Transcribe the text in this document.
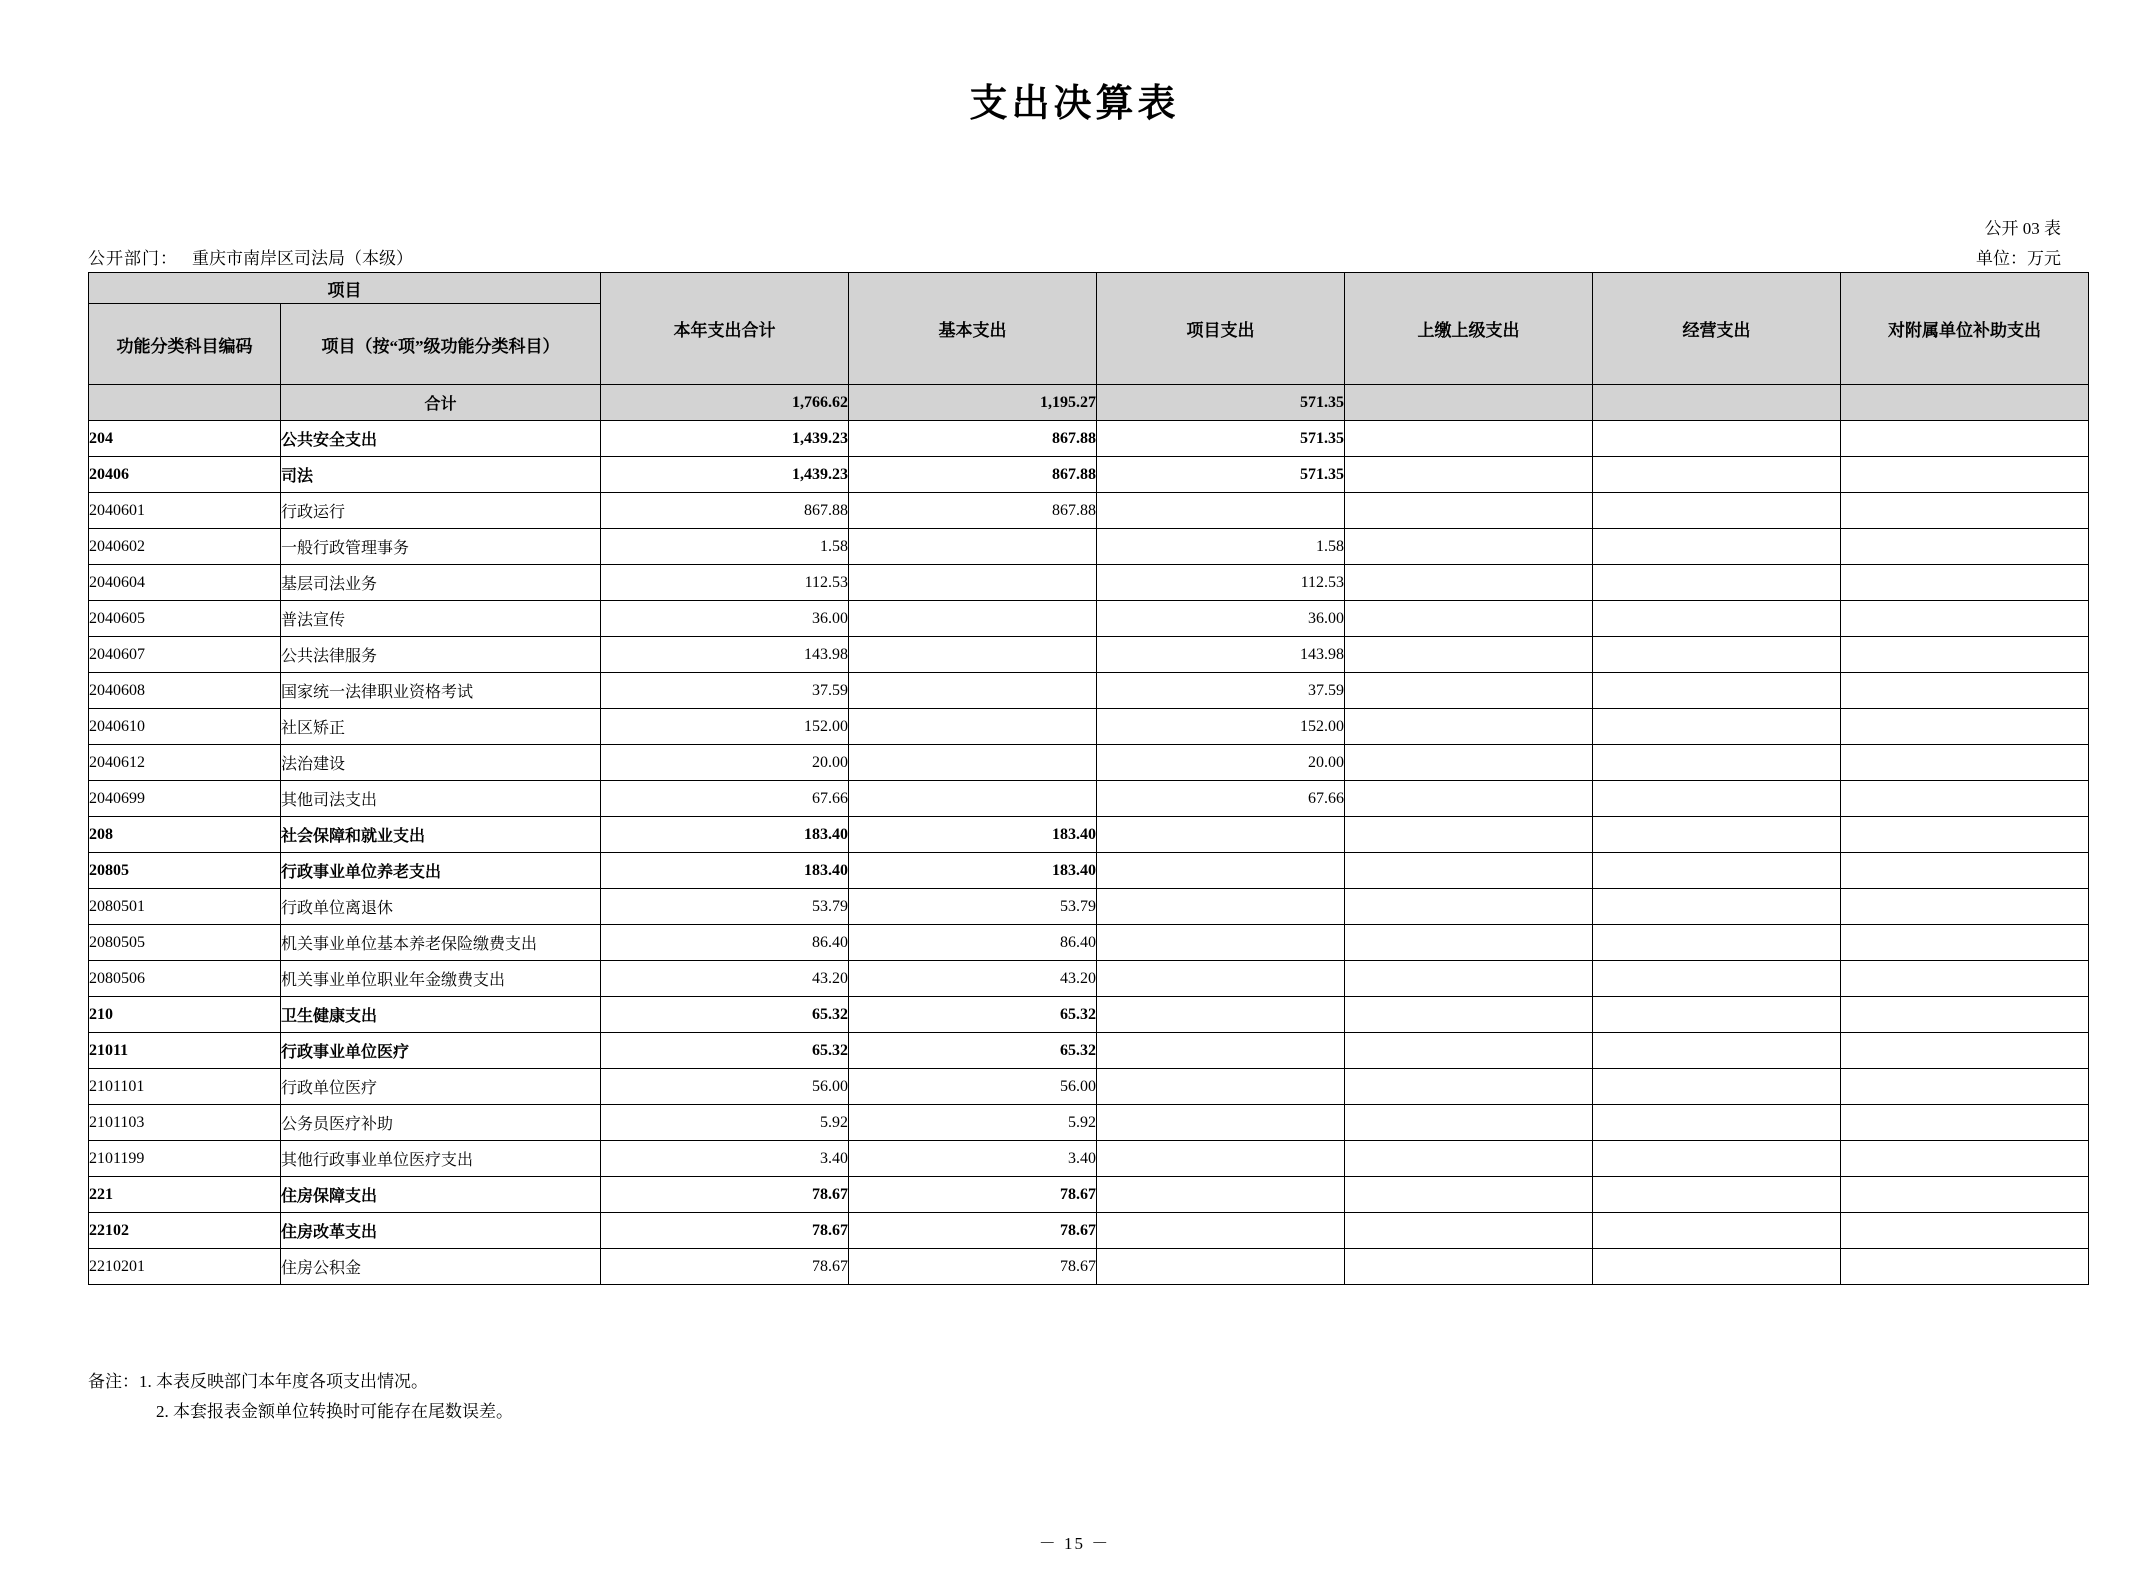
支出决算表
公开 03 表
单位：万元
公开部门： 重庆市南岸区司法局（本级）
项目		本年支出合计	基本支出	项目支出	上缴上级支出	经营支出	对附属单位补助支出
功能分类科目编码	项目（按“项”级功能分类科目）						
	合计	1,766.62	1,195.27	571.35			
204	公共安全支出	1,439.23	867.88	571.35			
20406	司法	1,439.23	867.88	571.35			
2040601	行政运行	867.88	867.88				
2040602	一般行政管理事务	1.58		1.58			
2040604	基层司法业务	112.53		112.53			
2040605	普法宣传	36.00		36.00			
2040607	公共法律服务	143.98		143.98			
2040608	国家统一法律职业资格考试	37.59		37.59			
2040610	社区矫正	152.00		152.00			
2040612	法治建设	20.00		20.00			
2040699	其他司法支出	67.66		67.66			
208	社会保障和就业支出	183.40	183.40				
20805	行政事业单位养老支出	183.40	183.40				
2080501	行政单位离退休	53.79	53.79				
2080505	机关事业单位基本养老保险缴费支出	86.40	86.40				
2080506	机关事业单位职业年金缴费支出	43.20	43.20				
210	卫生健康支出	65.32	65.32				
21011	行政事业单位医疗	65.32	65.32				
2101101	行政单位医疗	56.00	56.00				
2101103	公务员医疗补助	5.92	5.92				
2101199	其他行政事业单位医疗支出	3.40	3.40				
221	住房保障支出	78.67	78.67				
22102	住房改革支出	78.67	78.67				
2210201	住房公积金	78.67	78.67				
备注：1. 本表反映部门本年度各项支出情况。
　　　　2. 本套报表金额单位转换时可能存在尾数误差。
－ 15 －
